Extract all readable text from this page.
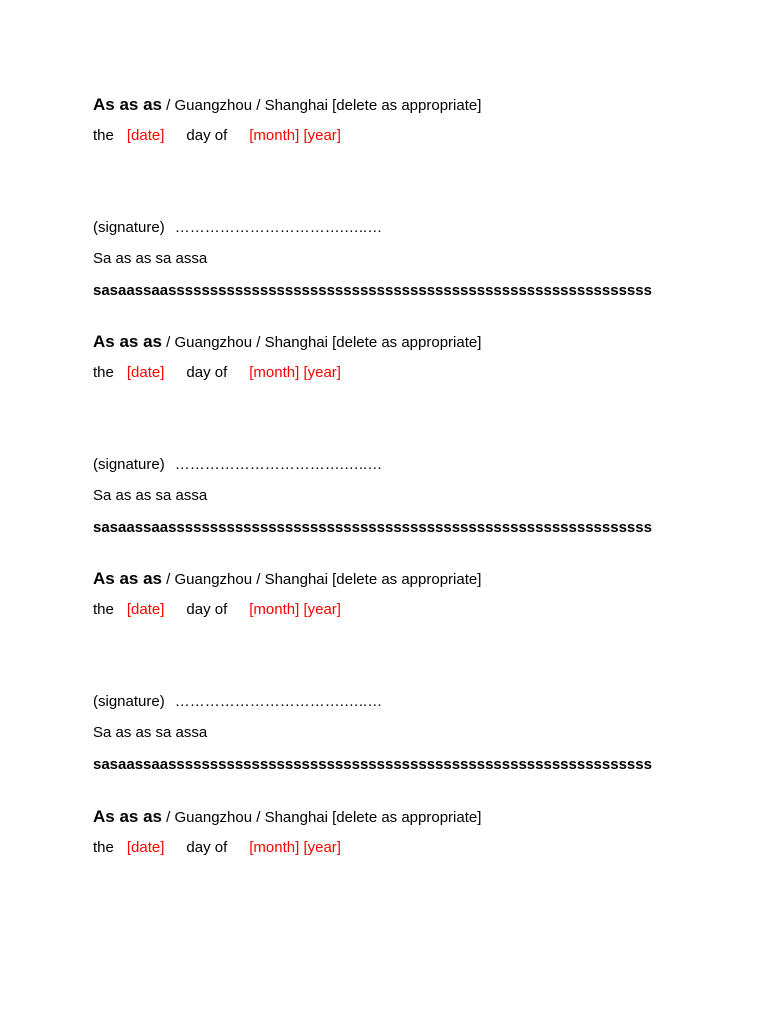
As as as / Guangzhou / Shanghai [delete as appropriate]
the [date] day of [month] [year]
(signature) …………………………….…..…
Sa as as sa assa
sasaassaassssssssssssssssssssssssssssssssssssssssssssssssssssssssss
As as as / Guangzhou / Shanghai [delete as appropriate]
the [date] day of [month] [year]
(signature) …………………………….…..…
Sa as as sa assa
sasaassaassssssssssssssssssssssssssssssssssssssssssssssssssssssssss
As as as / Guangzhou / Shanghai [delete as appropriate]
the [date] day of [month] [year]
(signature) …………………………….…..…
Sa as as sa assa
sasaassaassssssssssssssssssssssssssssssssssssssssssssssssssssssssss
As as as / Guangzhou / Shanghai [delete as appropriate]
the [date] day of [month] [year]
